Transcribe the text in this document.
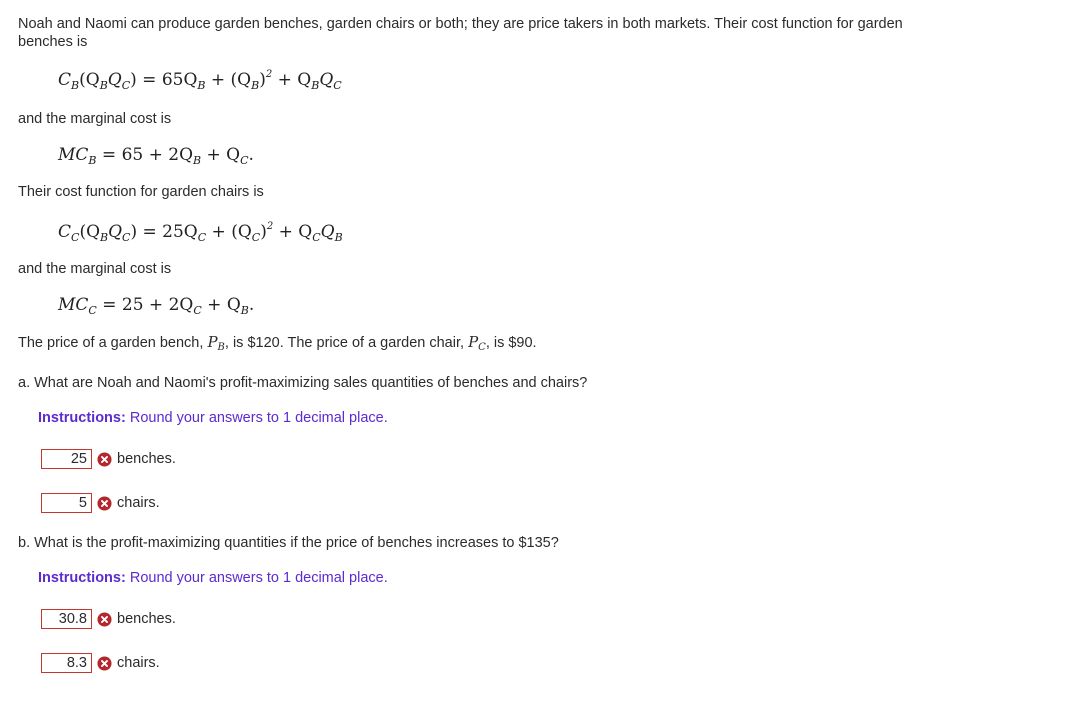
Noah and Naomi can produce garden benches, garden chairs or both; they are price takers in both markets. Their cost function for garden benches is
$C_B(Q_BQ_C) = 65Q_B + (Q_B)^2 + Q_BQ_C$
and the marginal cost is
$MC_B = 65 + 2Q_B + Q_C$.
Their cost function for garden chairs is
$C_C(Q_BQ_C) = 25Q_C + (Q_C)^2 + Q_CQ_B$
and the marginal cost is
$MC_C = 25 + 2Q_C + Q_B$.
The price of a garden bench, $P_B$, is $120. The price of a garden chair, $P_C$, is $90.
a. What are Noah and Naomi's profit-maximizing sales quantities of benches and chairs?
Instructions: Round your answers to 1 decimal place.
25	benches.
5	chairs.
b. What is the profit-maximizing quantities if the price of benches increases to $135?
Instructions: Round your answers to 1 decimal place.
30.8	benches.
8.3	chairs.
